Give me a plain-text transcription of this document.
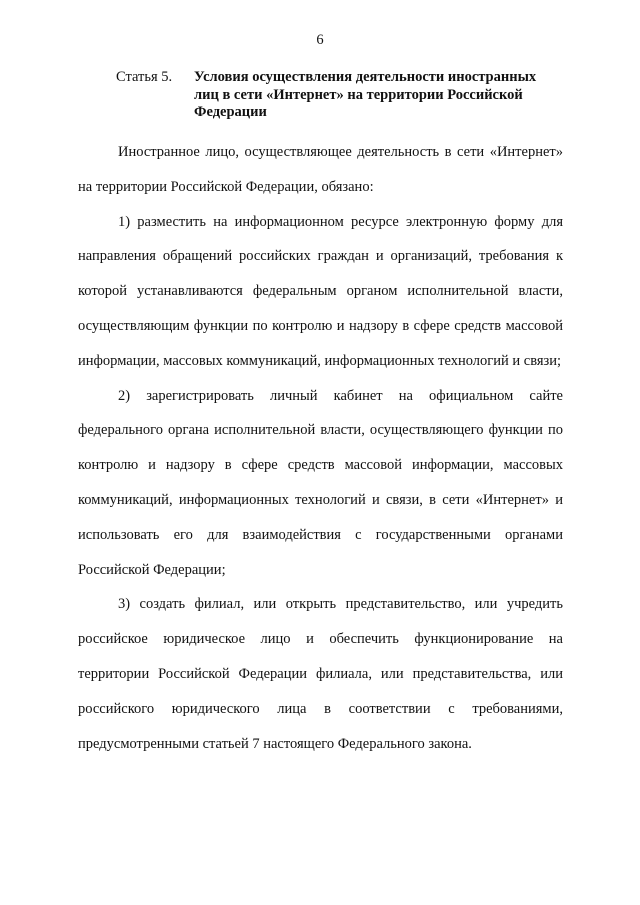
6
Статья 5. Условия осуществления деятельности иностранных лиц в сети «Интернет» на территории Российской Федерации

Иностранное лицо, осуществляющее деятельность в сети «Интернет» на территории Российской Федерации, обязано:

1) разместить на информационном ресурсе электронную форму для направления обращений российских граждан и организаций, требования к которой устанавливаются федеральным органом исполнительной власти, осуществляющим функции по контролю и надзору в сфере средств массовой информации, массовых коммуникаций, информационных технологий и связи;

2) зарегистрировать личный кабинет на официальном сайте федерального органа исполнительной власти, осуществляющего функции по контролю и надзору в сфере средств массовой информации, массовых коммуникаций, информационных технологий и связи, в сети «Интернет» и использовать его для взаимодействия с государственными органами Российской Федерации;

3) создать филиал, или открыть представительство, или учредить российское юридическое лицо и обеспечить функционирование на территории Российской Федерации филиала, или представительства, или российского юридического лица в соответствии с требованиями, предусмотренными статьей 7 настоящего Федерального закона.
